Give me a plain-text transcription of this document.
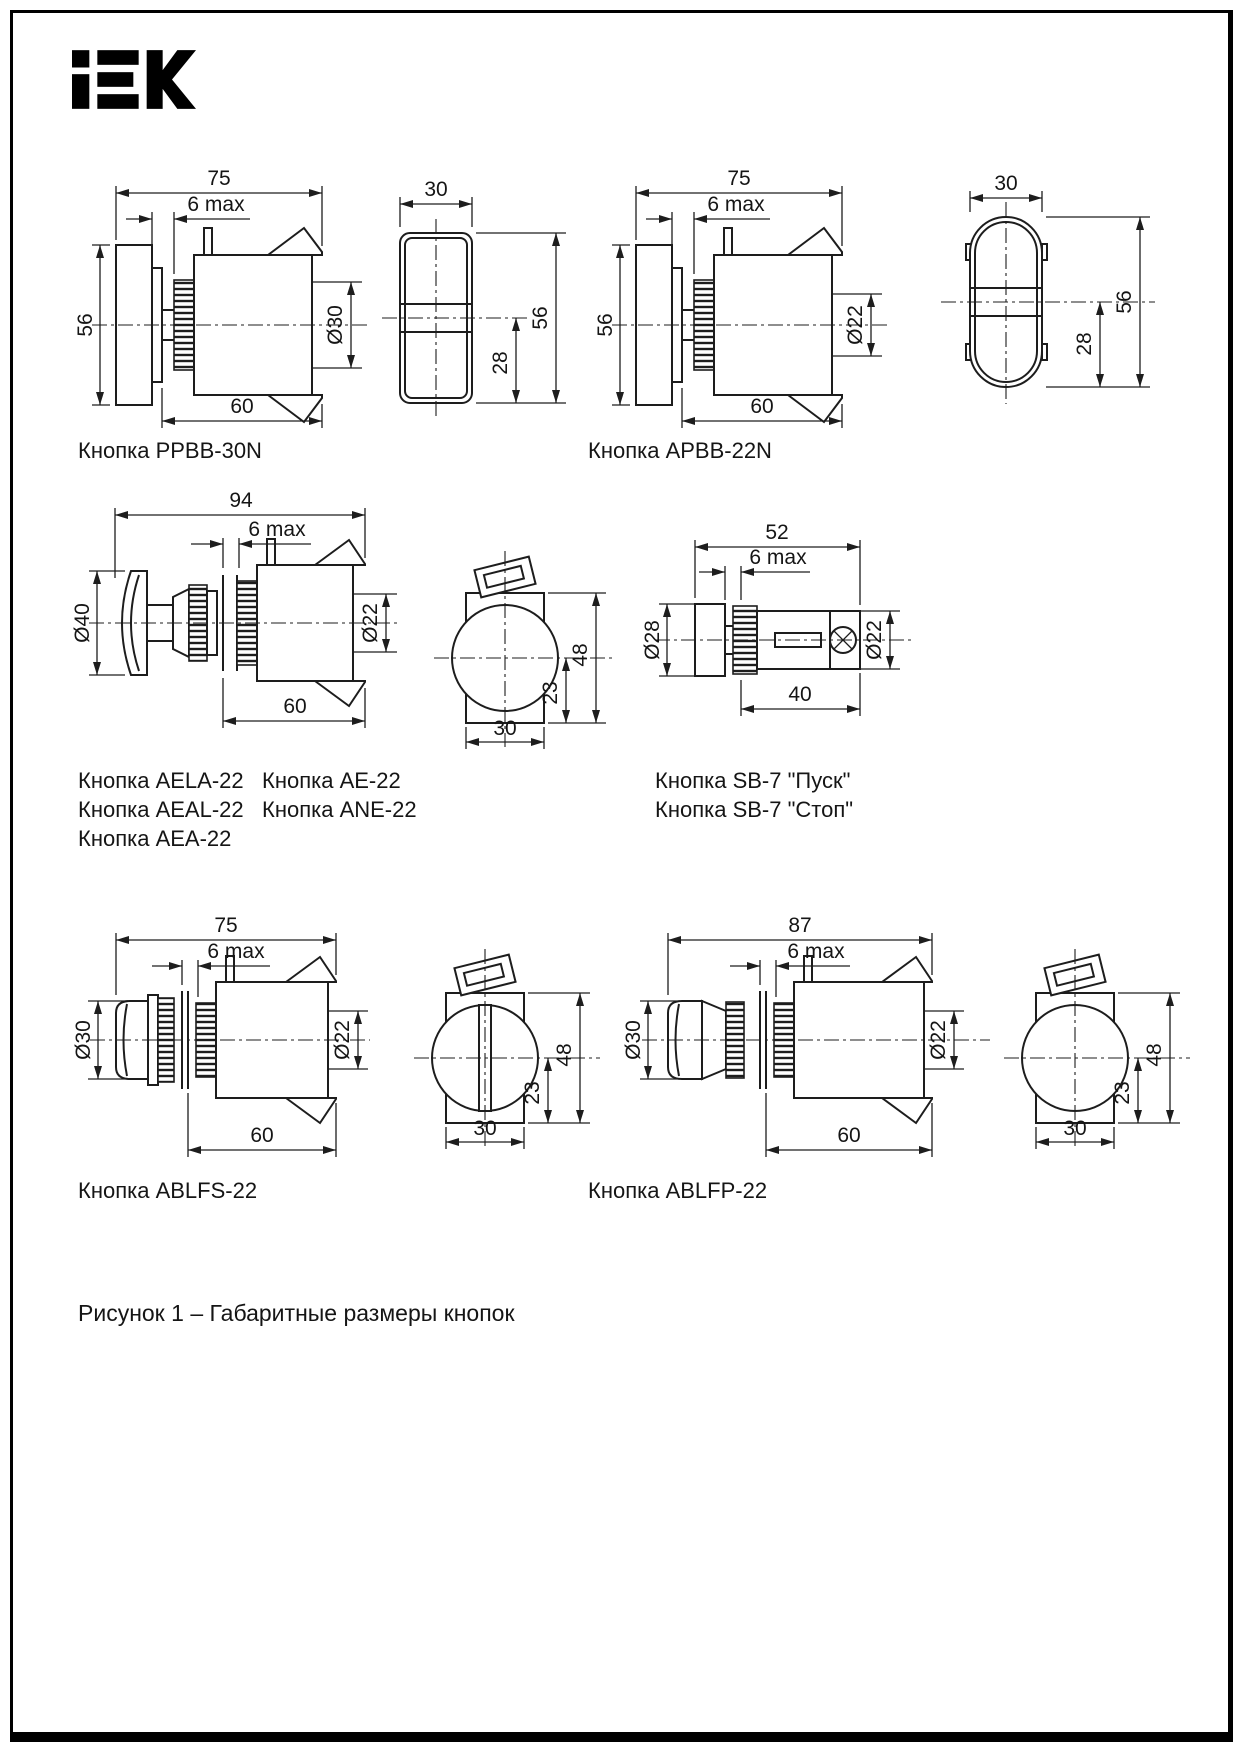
75
6 max
56	Ø30
60
30
56
28
Кнопка PPBB-30N
75
6 max
56	Ø22
60
30
56
28
Кнопка APBB-22N
94
6 max
Ø40	Ø22
60
48
23
30
52
6 max
Ø28	Ø22
40
Кнопка AELA-22
Кнопка AEAL-22
Кнопка AEA-22
Кнопка AE-22
Кнопка ANE-22
Кнопка SB-7 "Пуск"
Кнопка SB-7 "Стоп"
75
6 max
Ø30	Ø22
60
48
23
30
Кнопка ABLFS-22
87
6 max
Ø30	Ø22
60
48
23
30
Кнопка ABLFP-22
Рисунок 1 – Габаритные размеры кнопок
